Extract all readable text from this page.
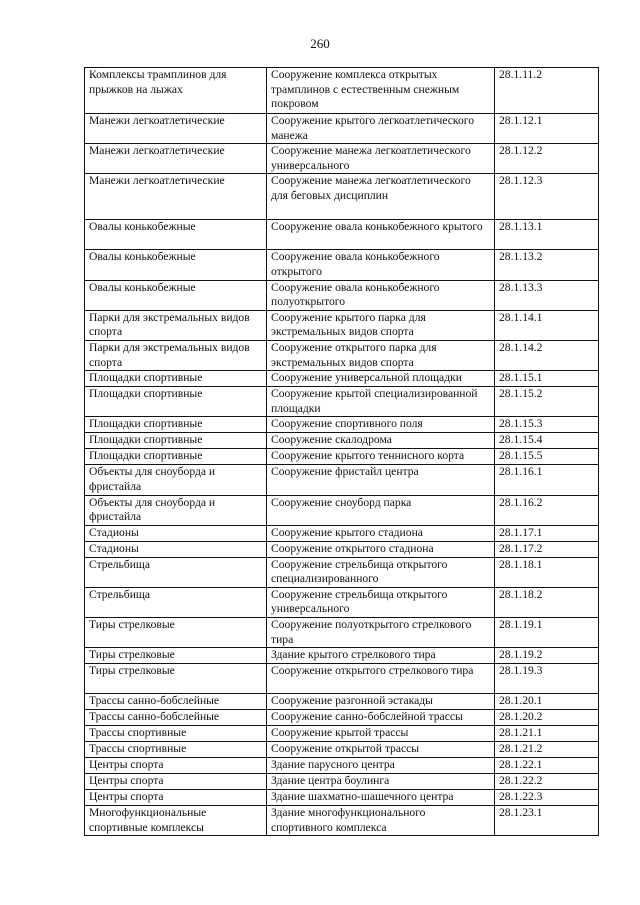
260
Комплексы трамплинов для прыжков на лыжах	Сооружение комплекса открытых трамплинов с естественным снежным покровом	28.1.11.2
Манежи легкоатлетические	Сооружение крытого легкоатлетического манежа	28.1.12.1
Манежи легкоатлетические	Сооружение манежа легкоатлетического универсального	28.1.12.2
Манежи легкоатлетические	Сооружение манежа легкоатлетического для беговых дисциплин	28.1.12.3
Овалы конькобежные	Сооружение овала конькобежного крытого	28.1.13.1
Овалы конькобежные	Сооружение овала конькобежного открытого	28.1.13.2
Овалы конькобежные	Сооружение овала конькобежного полуоткрытого	28.1.13.3
Парки для экстремальных видов спорта	Сооружение крытого парка для экстремальных видов спорта	28.1.14.1
Парки для экстремальных видов спорта	Сооружение открытого парка для экстремальных видов спорта	28.1.14.2
Площадки спортивные	Сооружение универсальной площадки	28.1.15.1
Площадки спортивные	Сооружение крытой специализированной площадки	28.1.15.2
Площадки спортивные	Сооружение спортивного поля	28.1.15.3
Площадки спортивные	Сооружение скалодрома	28.1.15.4
Площадки спортивные	Сооружение крытого теннисного корта	28.1.15.5
Объекты для сноуборда и фристайла	Сооружение фристайл центра	28.1.16.1
Объекты для сноуборда и фристайла	Сооружение сноуборд парка	28.1.16.2
Стадионы	Сооружение крытого стадиона	28.1.17.1
Стадионы	Сооружение открытого стадиона	28.1.17.2
Стрельбища	Сооружение стрельбища открытого специализированного	28.1.18.1
Стрельбища	Сооружение стрельбища открытого универсального	28.1.18.2
Тиры стрелковые	Сооружение полуоткрытого стрелкового тира	28.1.19.1
Тиры стрелковые	Здание крытого стрелкового тира	28.1.19.2
Тиры стрелковые	Сооружение открытого стрелкового тира	28.1.19.3
Трассы санно-бобслейные	Сооружение разгонной эстакады	28.1.20.1
Трассы санно-бобслейные	Сооружение санно-бобслейной трассы	28.1.20.2
Трассы спортивные	Сооружение крытой трассы	28.1.21.1
Трассы спортивные	Сооружение открытой трассы	28.1.21.2
Центры спорта	Здание парусного центра	28.1.22.1
Центры спорта	Здание центра боулинга	28.1.22.2
Центры спорта	Здание шахматно-шашечного центра	28.1.22.3
Многофункциональные спортивные комплексы	Здание многофункционального спортивного комплекса	28.1.23.1
